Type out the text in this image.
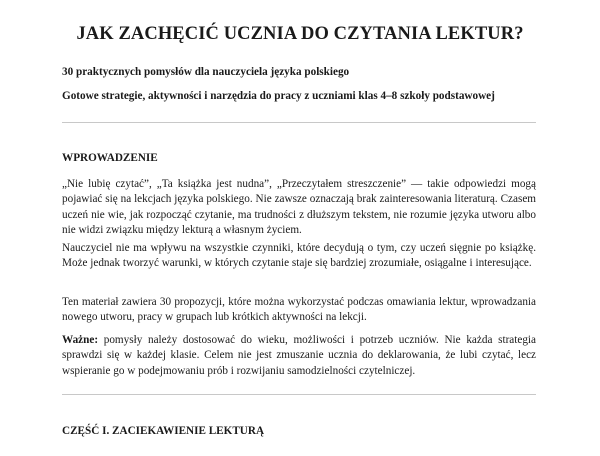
JAK ZACHĘCIĆ UCZNIA DO CZYTANIA LEKTUR?

30 praktycznych pomysłów dla nauczyciela języka polskiego

Gotowe strategie, aktywności i narzędzia do pracy z uczniami klas 4–8 szkoły podstawowej

WPROWADZENIE

„Nie lubię czytać”, „Ta książka jest nudna”, „Przeczytałem streszczenie” — takie odpowiedzi mogą pojawiać się na lekcjach języka polskiego. Nie zawsze oznaczają brak zainteresowania literaturą. Czasem uczeń nie wie, jak rozpocząć czytanie, ma trudności z dłuższym tekstem, nie rozumie języka utworu albo nie widzi związku między lekturą a własnym życiem.

Nauczyciel nie ma wpływu na wszystkie czynniki, które decydują o tym, czy uczeń sięgnie po książkę. Może jednak tworzyć warunki, w których czytanie staje się bardziej zrozumiałe, osiągalne i interesujące.

Ten materiał zawiera 30 propozycji, które można wykorzystać podczas omawiania lektur, wprowadzania nowego utworu, pracy w grupach lub krótkich aktywności na lekcji.

Ważne: pomysły należy dostosować do wieku, możliwości i potrzeb uczniów. Nie każda strategia sprawdzi się w każdej klasie. Celem nie jest zmuszanie ucznia do deklarowania, że lubi czytać, lecz wspieranie go w podejmowaniu prób i rozwijaniu samodzielności czytelniczej.

CZĘŚĆ I. ZACIEKAWIENIE LEKTURĄ
